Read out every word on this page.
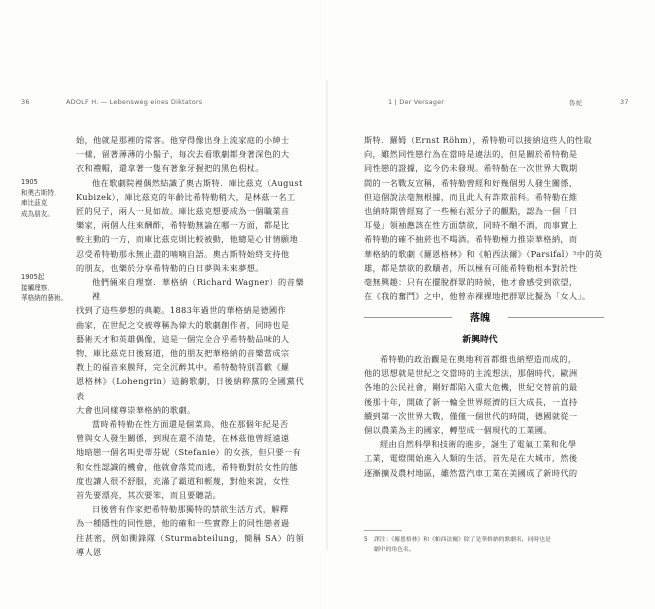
36	ADOLF H. — Lebensweg eines Diktators

始，他就是那裡的常客。他穿得像出身上流家庭的小紳士
一樣，留著薄薄的小鬍子，每次去看歌劇都身著深色的大
衣和禮帽，還拿著一隻有著象牙握把的黑色枴杖。

他在歌劇院裡偶然結識了奧古斯特．庫比茲克（August
Kubizek），庫比茲克的年齡比希特勒稍大，是林茲一名工
匠的兒子，兩人一見如故。庫比茲克想要成為一個職業音
樂家，兩個人往來酬酢，希特勒無論在哪一方面，都是比
較主動的一方，而庫比茲克則比較被動，他總是心甘情願地
忍受希特勒那永無止盡的喃喃自語。奧古斯特始終支持他
的朋友，也樂於分享希特勒的白日夢與未來夢想。

他們倆來自理察．華格納（Richard Wagner）的音樂裡
找到了這些夢想的典範。1883年過世的華格納是德國作
曲家，在世紀之交被尊稱為偉大的歌劇創作者，同時也是
藝術天才和英雄偶像，這是一個完全合乎希特勒品味的人
物，庫比茲克日後寫道，他的朋友把華格納的音樂當成宗
教上的福音來膜拜，完全沉醉其中。希特勒特別喜歡《羅
恩格林》（Lohengrin）這齣歌劇，日後納粹黨的全國黨代表
大會也同樣尊崇華格納的歌劇。

當時希特勒在性方面還是個菜鳥，他在那個年紀是否
曾與女人發生關係，到現在還不清楚，在林茲他曾經遠遠
地暗戀一個名叫史蒂芬妮（Stefanie）的女孩，但只要一有
和女性認識的機會，他就會落荒而逃，希特勒對於女性的態
度也讓人很不舒服，充滿了霸道和輕蔑，對他來說，女性
首先要漂亮，其次要笨，而且要聽話。

日後曾有作家把希特勒那獨特的禁欲生活方式，解釋
為一種隱性的同性戀，他的確和一些實際上的同性戀者過
往甚密，例如衝鋒隊（Sturmabteilung，簡稱 SA）的領導人恩

1905
和奧古斯特．
庫比茲克
成為朋友。
1905起
接觸理察．
華格納的藝術。
1 | Der Versager	魯蛇	37

斯特．羅姆（Ernst Röhm），希特勒可以接納這些人的性取
向，雖然同性戀行為在當時是違法的，但是關於希特勒是
同性戀的證據，迄今仍未發現。希特勒在一次世界大戰期
間的一名戰友宣稱，希特勒曾經和好幾個男人發生關係，
但這個說法毫無根據，而且此人有詐欺前科。希特勒在維
也納時期曾經寫了一些極右派分子的觀點，認為一個「日
耳曼」領袖應該在性方面禁欲，同時不酗不酒，而事實上
希特勒的確不抽菸也不喝酒。希特勒極力推崇華格納，而
華格納的歌劇《羅恩格林》和《帕西法爾》（Parsifal）⁵中的英
雄，都是禁欲的救贖者，所以極有可能希特勒根本對於性
毫無興趣：只有在擺脫群眾的時候，他才會感受到欲望，
在《我的奮鬥》之中，他曾赤裸裸地把群眾比擬為「女人」。

落魄
新興時代

希特勒的政治觀是在奧地利首都維也納塑造而成的，
他的思想就是世紀之交當時的主流想法，那個時代，歐洲
各地的公民社會，剛好都陷入重大危機，世紀交替前的最
後那十年，開啟了新一輪全世界經濟的巨大成長，一直持
續到第一次世界大戰，僅僅一個世代的時間，德國就從一
個以農業為主的國家，轉型成一個現代的工業國。

經由自然科學和技術的進步，誕生了電氣工業和化學
工業，電燈開始進入人類的生活，首先是在大城市，然後
逐漸擴及農村地區，雖然當汽車工業在美國成了新時代的

5 譯注：《羅恩格林》和《帕西法爾》除了是華格納的歌劇名，同時也是
劇中的角色名。
